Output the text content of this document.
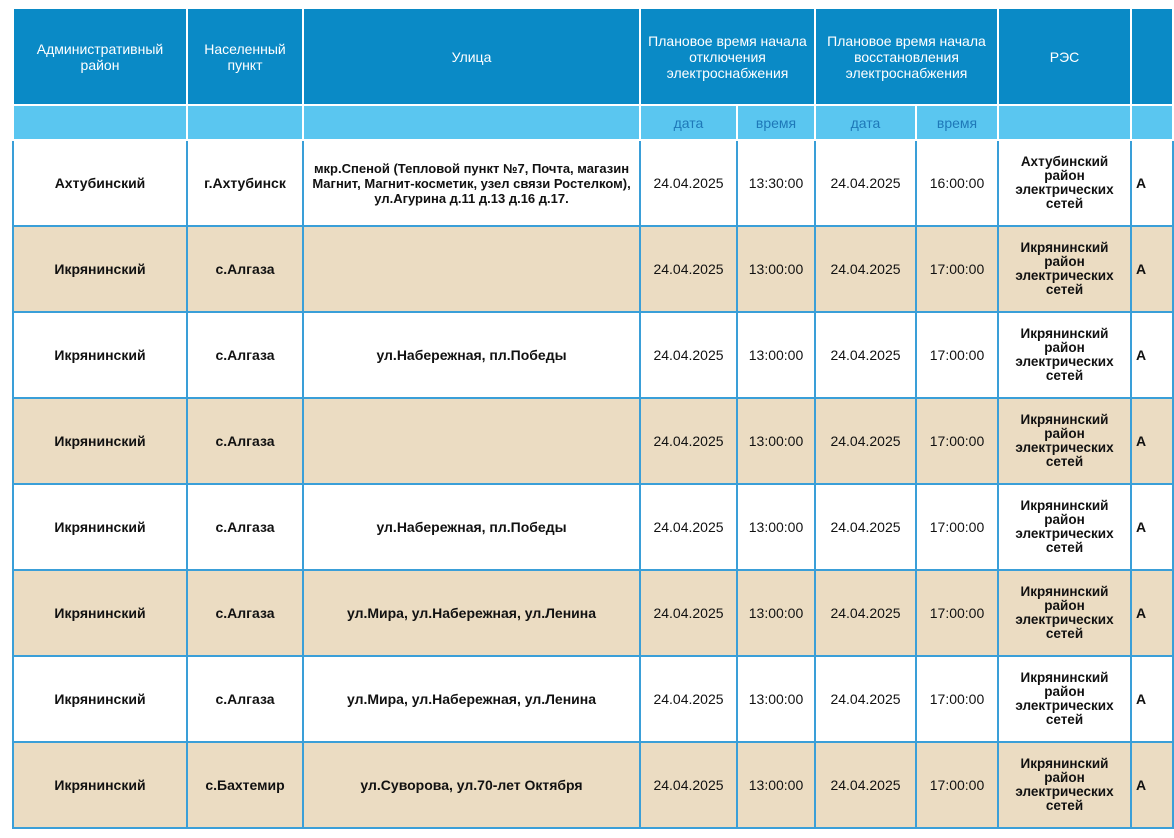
Административный район	Населенный пункт	Улица	Плановое время начала отключения электроснабжения		Плановое время начала восстановления электроснабжения		РЭС	
			дата	время	дата	время		
Ахтубинский	г.Ахтубинск	мкр.Спеной (Тепловой пункт №7, Почта, магазин Магнит, Магнит-косметик, узел связи Ростелком), ул.Агурина д.11 д.13 д.16 д.17.	24.04.2025	13:30:00	24.04.2025	16:00:00	Ахтубинский район электрических сетей	А
Икрянинский	с.Алгаза		24.04.2025	13:00:00	24.04.2025	17:00:00	Икрянинский район электрических сетей	А
Икрянинский	с.Алгаза	ул.Набережная, пл.Победы	24.04.2025	13:00:00	24.04.2025	17:00:00	Икрянинский район электрических сетей	А
Икрянинский	с.Алгаза		24.04.2025	13:00:00	24.04.2025	17:00:00	Икрянинский район электрических сетей	А
Икрянинский	с.Алгаза	ул.Набережная, пл.Победы	24.04.2025	13:00:00	24.04.2025	17:00:00	Икрянинский район электрических сетей	А
Икрянинский	с.Алгаза	ул.Мира, ул.Набережная, ул.Ленина	24.04.2025	13:00:00	24.04.2025	17:00:00	Икрянинский район электрических сетей	А
Икрянинский	с.Алгаза	ул.Мира, ул.Набережная, ул.Ленина	24.04.2025	13:00:00	24.04.2025	17:00:00	Икрянинский район электрических сетей	А
Икрянинский	с.Бахтемир	ул.Суворова, ул.70-лет Октября	24.04.2025	13:00:00	24.04.2025	17:00:00	Икрянинский район электрических сетей	А
